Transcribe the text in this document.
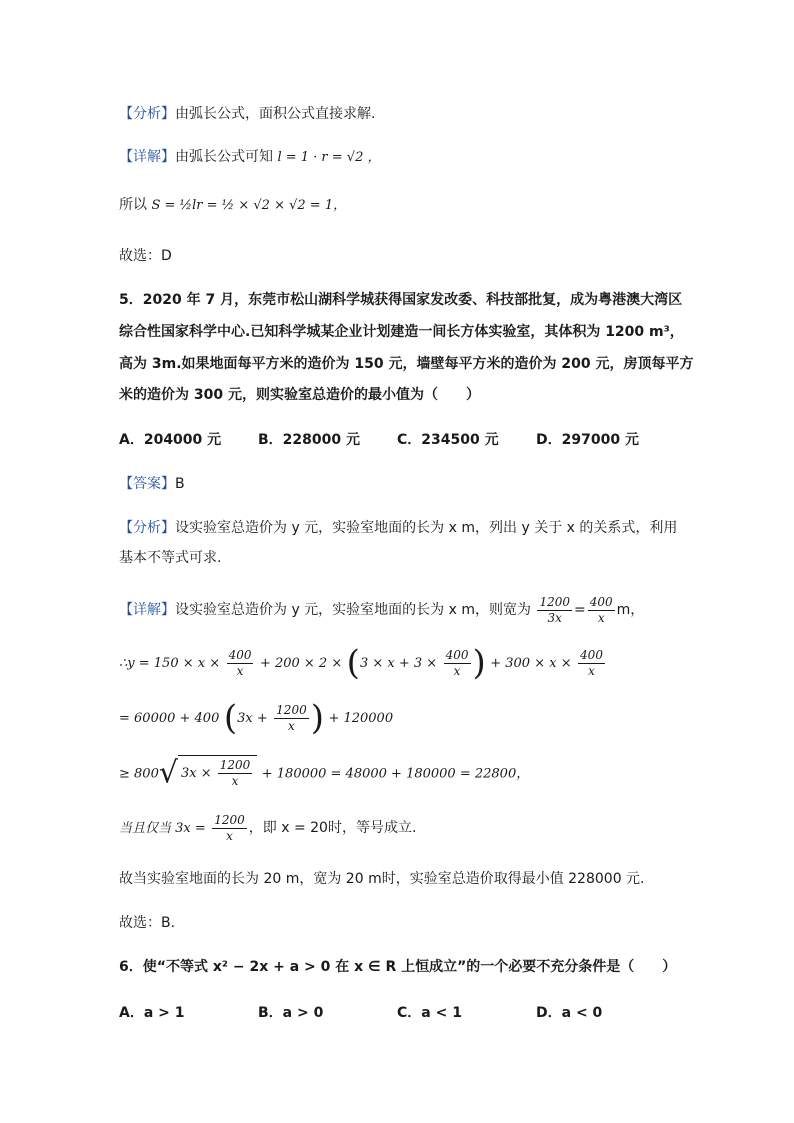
【分析】由弧长公式，面积公式直接求解.
【详解】由弧长公式可知 l = 1 · r = √2 ，
所以 S = ½lr = ½ × √2 × √2 = 1，
故选：D
5．2020 年 7 月，东莞市松山湖科学城获得国家发改委、科技部批复，成为粤港澳大湾区
综合性国家科学中心.已知科学城某企业计划建造一间长方体实验室，其体积为 1200 m³，
高为 3m.如果地面每平方米的造价为 150 元，墙壁每平方米的造价为 200 元，房顶每平方
米的造价为 300 元，则实验室总造价的最小值为（　　）
A．204000 元	B．228000 元	C．234500 元	D．297000 元
【答案】B
【分析】设实验室总造价为 y 元，实验室地面的长为 x m，列出 y 关于 x 的关系式，利用
基本不等式可求.
【详解】设实验室总造价为 y 元，实验室地面的长为 x m，则宽为 $\frac{1200}{3x} = \frac{400}{x}$ m，
∴y = $150 \times x \times \frac{400}{x} + 200 \times 2 \times (3 \times x + 3 \times \frac{400}{x}$ ) + $300 \times x \times \frac{400}{x}$
= 60000 + 400 ($3x + \frac{1200}{x}$ ) + 120000
≥ 800√ $3x \times \frac{1200}{x} + 180000 = 48000 + 180000 = 22800$，
当且仅当 $3x = \frac{1200}{x}$ ，即 x = 20时，等号成立.
故当实验室地面的长为 20 m，宽为 20 m时，实验室总造价取得最小值 228000 元.
故选：B.
6．使“不等式 x² − 2x + a > 0 在 x ∈ R 上恒成立”的一个必要不充分条件是（　　）
A．a > 1	B．a > 0	C．a < 1	D．a < 0
